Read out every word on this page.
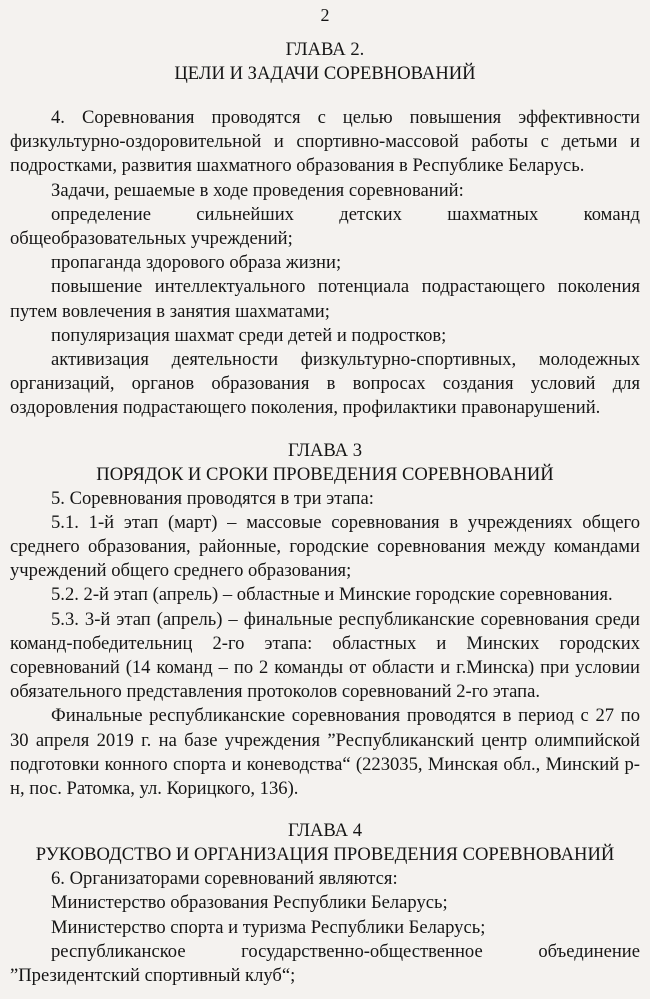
2
ГЛАВА 2.
ЦЕЛИ И ЗАДАЧИ СОРЕВНОВАНИЙ

4. Соревнования проводятся с целью повышения эффективности физкультурно-оздоровительной и спортивно-массовой работы с детьми и подростками, развития шахматного образования в Республике Беларусь.

Задачи, решаемые в ходе проведения соревнований:

определение сильнейших детских шахматных команд общеобразовательных учреждений;

пропаганда здорового образа жизни;

повышение интеллектуального потенциала подрастающего поколения путем вовлечения в занятия шахматами;

популяризация шахмат среди детей и подростков;

активизация деятельности физкультурно-спортивных, молодежных организаций, органов образования в вопросах создания условий для оздоровления подрастающего поколения, профилактики правонарушений.

ГЛАВА 3
ПОРЯДОК И СРОКИ ПРОВЕДЕНИЯ СОРЕВНОВАНИЙ

5. Соревнования проводятся в три этапа:

5.1. 1-й этап (март) – массовые соревнования в учреждениях общего среднего образования, районные, городские соревнования между командами учреждений общего среднего образования;

5.2. 2-й этап (апрель) – областные и Минские городские соревнования.

5.3. 3-й этап (апрель) – финальные республиканские соревнования среди команд-победительниц 2-го этапа: областных и Минских городских соревнований (14 команд – по 2 команды от области и г.Минска) при условии обязательного представления протоколов соревнований 2-го этапа.

Финальные республиканские соревнования проводятся в период с 27 по 30 апреля 2019 г. на базе учреждения ”Республиканский центр олимпийской подготовки конного спорта и коневодства“ (223035, Минская обл., Минский р-н, пос. Ратомка, ул. Корицкого, 136).

ГЛАВА 4
РУКОВОДСТВО И ОРГАНИЗАЦИЯ ПРОВЕДЕНИЯ СОРЕВНОВАНИЙ

6. Организаторами соревнований являются:

Министерство образования Республики Беларусь;

Министерство спорта и туризма Республики Беларусь;

республиканское государственно-общественное объединение ”Президентский спортивный клуб“;
